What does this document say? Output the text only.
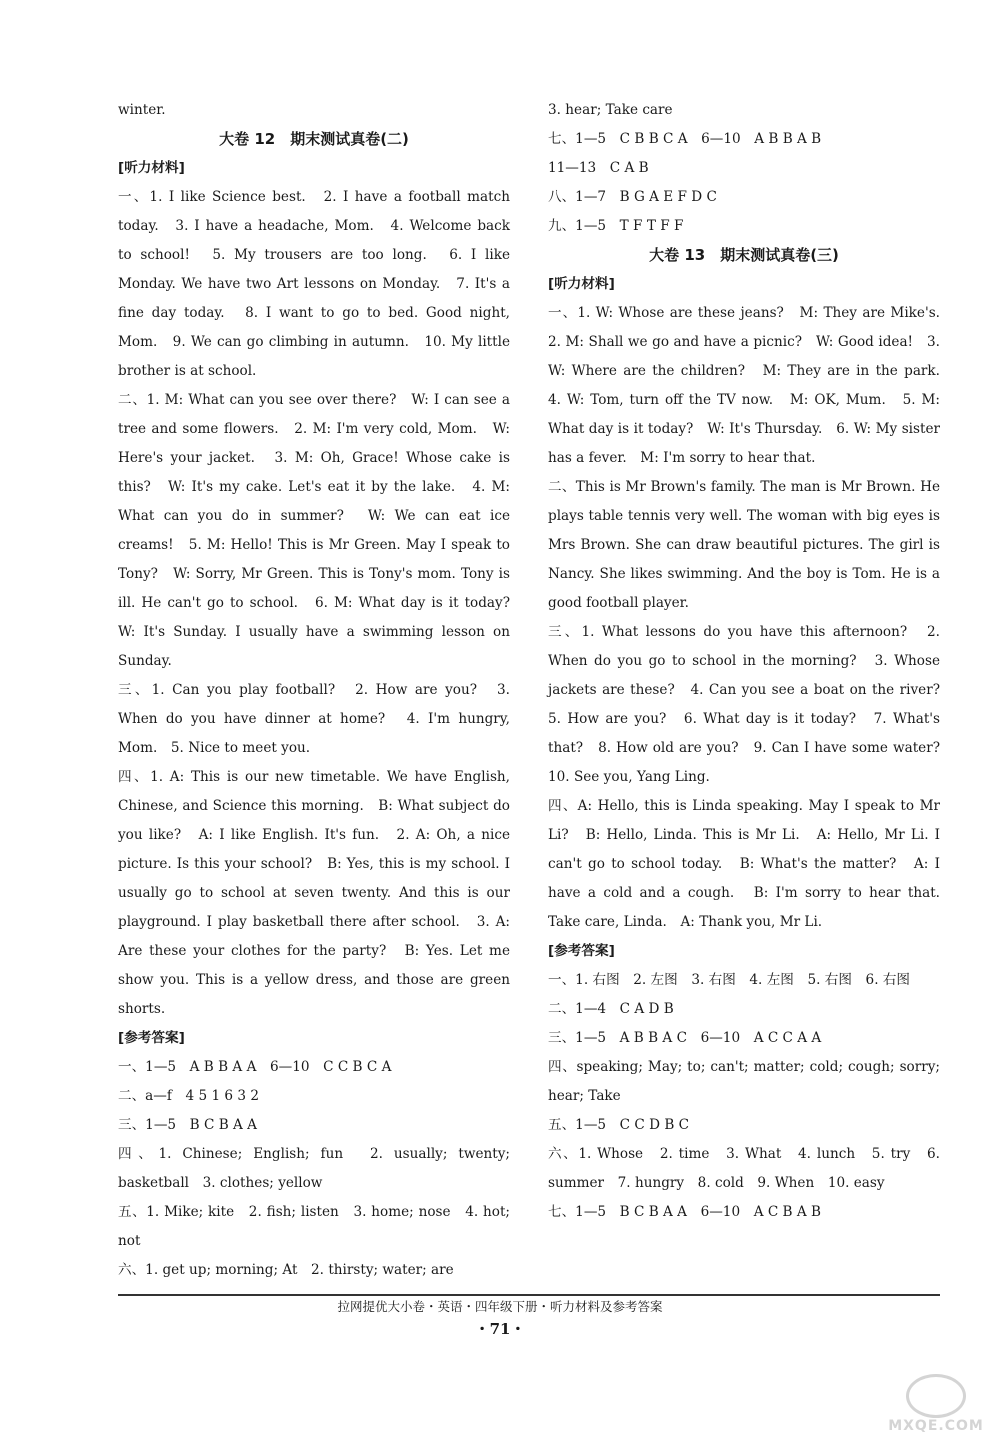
winter.

大卷 12　期末测试真卷(二)
[听力材料]

一、1. I like Science best.　2. I have a football match today.　3. I have a headache, Mom.　4. Welcome back to school!　5. My trousers are too long.　6. I like Monday. We have two Art lessons on Monday.　7. It's a fine day today.　8. I want to go to bed. Good night, Mom.　9. We can go climbing in autumn.　10. My little brother is at school.

二、1. M: What can you see over there?　W: I can see a tree and some flowers.　2. M: I'm very cold, Mom.　W: Here's your jacket.　3. M: Oh, Grace! Whose cake is this?　W: It's my cake. Let's eat it by the lake.　4. M: What can you do in summer?　W: We can eat ice creams!　5. M: Hello! This is Mr Green. May I speak to Tony?　W: Sorry, Mr Green. This is Tony's mom. Tony is ill. He can't go to school.　6. M: What day is it today?　W: It's Sunday. I usually have a swimming lesson on Sunday.

三、1. Can you play football?　2. How are you?　3. When do you have dinner at home?　4. I'm hungry, Mom.　5. Nice to meet you.

四、1. A: This is our new timetable. We have English, Chinese, and Science this morning.　B: What subject do you like?　A: I like English. It's fun.　2. A: Oh, a nice picture. Is this your school?　B: Yes, this is my school. I usually go to school at seven twenty. And this is our playground. I play basketball there after school.　3. A: Are these your clothes for the party?　B: Yes. Let me show you. This is a yellow dress, and those are green shorts.

[参考答案]

一、1—5　A B B A A　6—10　C C B C A

二、a—f　4 5 1 6 3 2

三、1—5　B C B A A

四、1. Chinese; English; fun　2. usually; twenty; basketball　3. clothes; yellow

五、1. Mike; kite　2. fish; listen　3. home; nose　4. hot; not

六、1. get up; morning; At　2. thirsty; water; are

3. hear; Take care

七、1—5　C B B C A　6—10　A B B A B

11—13　C A B

八、1—7　B G A E F D C

九、1—5　T F T F F

大卷 13　期末测试真卷(三)
[听力材料]

一、1. W: Whose are these jeans?　M: They are Mike's.　2. M: Shall we go and have a picnic?　W: Good idea!　3. W: Where are the children?　M: They are in the park.　4. W: Tom, turn off the TV now.　M: OK, Mum.　5. M: What day is it today?　W: It's Thursday.　6. W: My sister has a fever.　M: I'm sorry to hear that.

二、This is Mr Brown's family. The man is Mr Brown. He plays table tennis very well. The woman with big eyes is Mrs Brown. She can draw beautiful pictures. The girl is Nancy. She likes swimming. And the boy is Tom. He is a good football player.

三、1. What lessons do you have this afternoon?　2. When do you go to school in the morning?　3. Whose jackets are these?　4. Can you see a boat on the river?　5. How are you?　6. What day is it today?　7. What's that?　8. How old are you?　9. Can I have some water?　10. See you, Yang Ling.

四、A: Hello, this is Linda speaking. May I speak to Mr Li?　B: Hello, Linda. This is Mr Li.　A: Hello, Mr Li. I can't go to school today.　B: What's the matter?　A: I have a cold and a cough.　B: I'm sorry to hear that. Take care, Linda.　A: Thank you, Mr Li.

[参考答案]

一、1. 右图　2. 左图　3. 右图　4. 左图　5. 右图　6. 右图

二、1—4　C A D B

三、1—5　A B B A C　6—10　A C C A A

四、speaking; May; to; can't; matter; cold; cough; sorry; hear; Take

五、1—5　C C D B C

六、1. Whose　2. time　3. What　4. lunch　5. try　6. summer　7. hungry　8. cold　9. When　10. easy

七、1—5　B C B A A　6—10　A C B A B

拉网提优大小卷・英语・四年级下册・听力材料及参考答案
・71・
MXQE.COM
